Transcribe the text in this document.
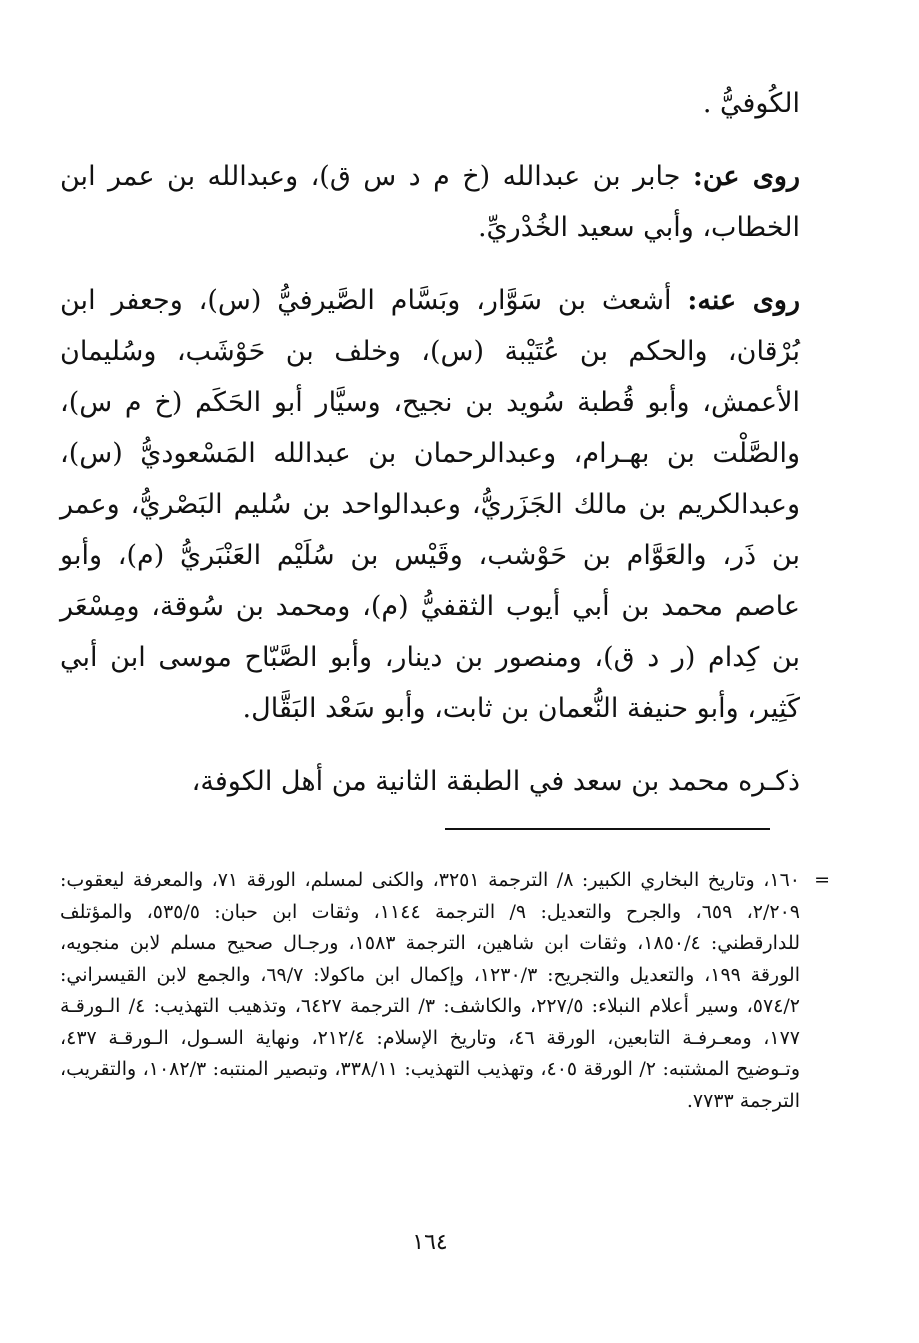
الكُوفيُّ .

روى عن: جابر بن عبدالله (خ م د س ق)، وعبدالله بن عمر ابن الخطاب، وأبي سعيد الخُدْريِّ.

روى عنه: أشعث بن سَوَّار، وبَسَّام الصَّيرفيُّ (س)، وجعفر ابن بُرْقان، والحكم بن عُتَيْبة (س)، وخلف بن حَوْشَب، وسُليمان الأعمش، وأبو قُطبة سُويد بن نجيح، وسيَّار أبو الحَكَم (خ م س)، والصَّلْت بن بهـرام، وعبدالرحمان بن عبدالله المَسْعوديُّ (س)، وعبدالكريم بن مالك الجَزَريُّ، وعبدالواحد بن سُليم البَصْريُّ، وعمر بن ذَر، والعَوَّام بن حَوْشب، وقَيْس بن سُلَيْم العَنْبَريُّ (م)، وأبو عاصم محمد بن أبي أيوب الثقفيُّ (م)، ومحمد بن سُوقة، ومِسْعَر بن كِدام (ر د ق)، ومنصور بن دينار، وأبو الصَّبّاح موسى ابن أبي كَثِير، وأبو حنيفة النُّعمان بن ثابت، وأبو سَعْد البَقَّال.

ذكـره محمد بن سعد في الطبقة الثانية من أهل الكوفة،

=

١٦٠، وتاريخ البخاري الكبير: ٨/ الترجمة ٣٢٥١، والكنى لمسلم، الورقة ٧١، والمعرفة ليعقوب: ٢/٢٠٩، ٦٥٩، والجرح والتعديل: ٩/ الترجمة ١١٤٤، وثقات ابن حبان: ٥٣٥/٥، والمؤتلف للدارقطني: ١٨٥٠/٤، وثقات ابن شاهين، الترجمة ١٥٨٣، ورجـال صحيح مسلم لابن منجويه، الورقة ١٩٩، والتعديل والتجريح: ١٢٣٠/٣، وإكمال ابن ماكولا: ٦٩/٧، والجمع لابن القيسراني: ٥٧٤/٢، وسير أعلام النبلاء: ٢٢٧/٥، والكاشف: ٣/ الترجمة ٦٤٢٧، وتذهيب التهذيب: ٤/ الـورقـة ١٧٧، ومعـرفـة التابعين، الورقة ٤٦، وتاريخ الإسلام: ٢١٢/٤، ونهاية السـول، الـورقـة ٤٣٧، وتـوضيح المشتبه: ٢/ الورقة ٤٠٥، وتهذيب التهذيب: ٣٣٨/١١، وتبصير المنتبه: ١٠٨٢/٣، والتقريب، الترجمة ٧٧٣٣.

١٦٤
